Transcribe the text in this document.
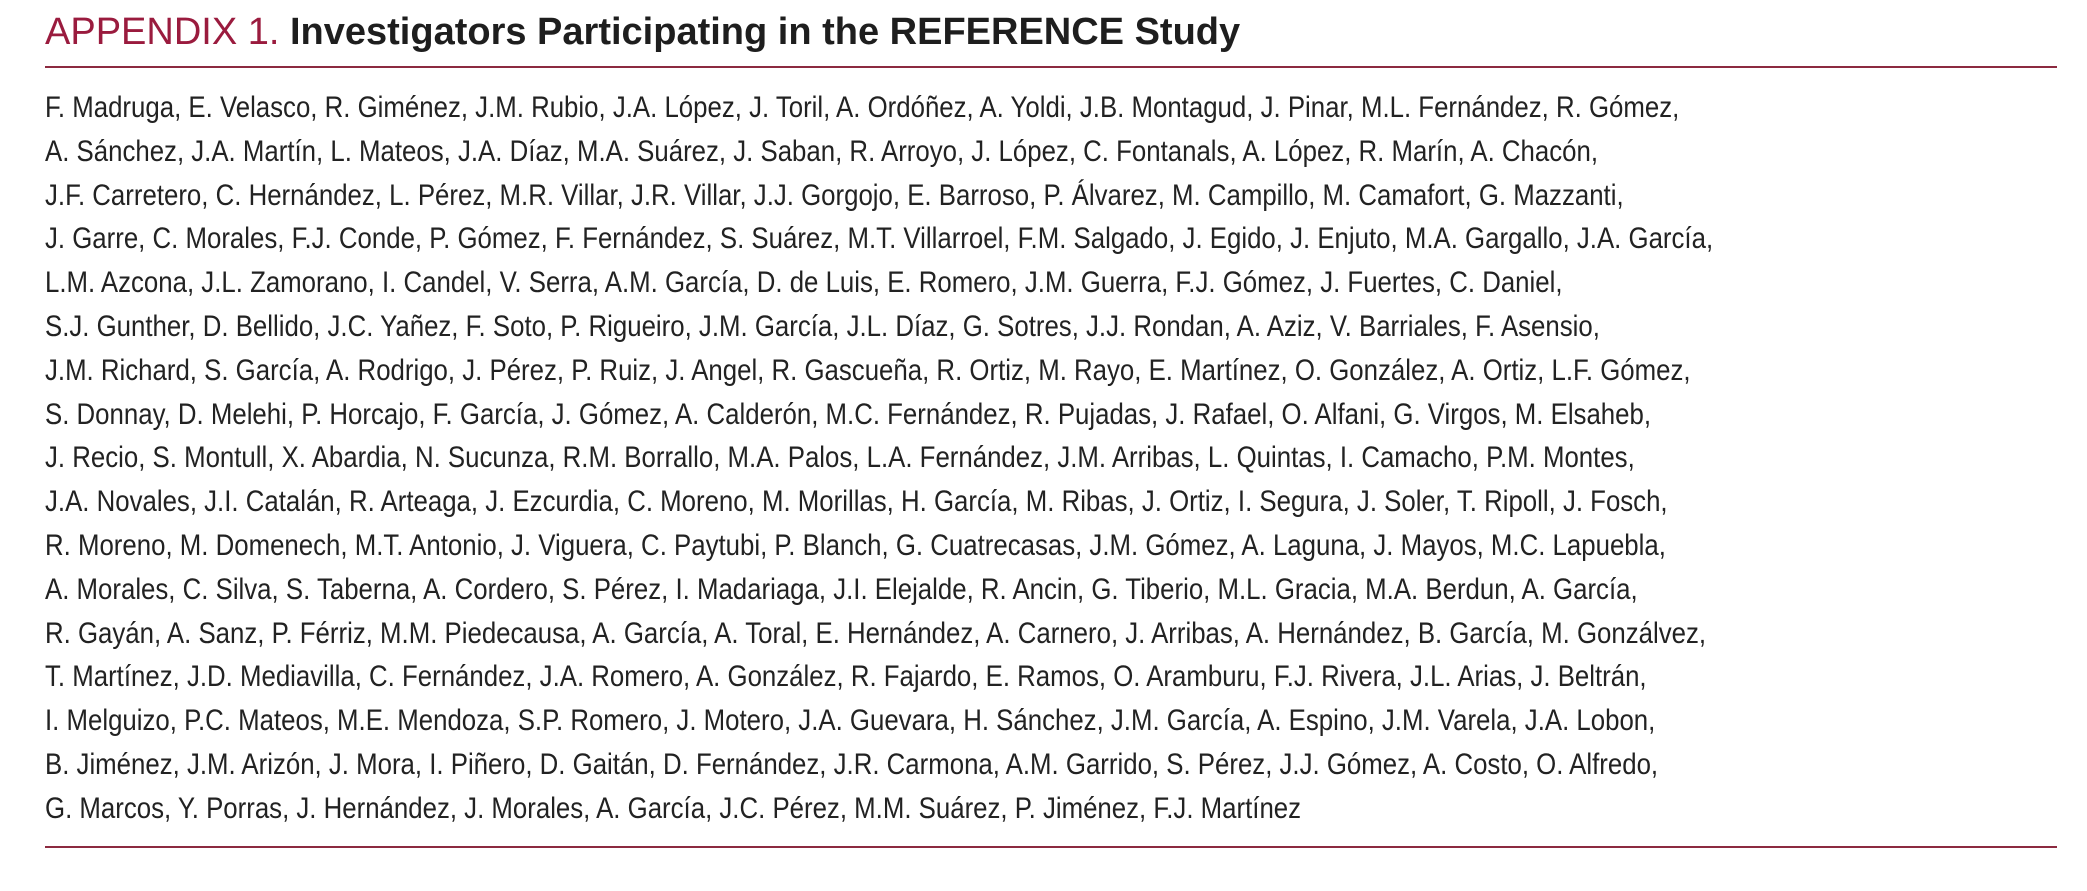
APPENDIX 1. Investigators Participating in the REFERENCE Study
F. Madruga, E. Velasco, R. Giménez, J.M. Rubio, J.A. López, J. Toril, A. Ordóñez, A. Yoldi, J.B. Montagud, J. Pinar, M.L. Fernández, R. Gómez,
A. Sánchez, J.A. Martín, L. Mateos, J.A. Díaz, M.A. Suárez, J. Saban, R. Arroyo, J. López, C. Fontanals, A. López, R. Marín, A. Chacón,
J.F. Carretero, C. Hernández, L. Pérez, M.R. Villar, J.R. Villar, J.J. Gorgojo, E. Barroso, P. Álvarez, M. Campillo, M. Camafort, G. Mazzanti,
J. Garre, C. Morales, F.J. Conde, P. Gómez, F. Fernández, S. Suárez, M.T. Villarroel, F.M. Salgado, J. Egido, J. Enjuto, M.A. Gargallo, J.A. García,
L.M. Azcona, J.L. Zamorano, I. Candel, V. Serra, A.M. García, D. de Luis, E. Romero, J.M. Guerra, F.J. Gómez, J. Fuertes, C. Daniel,
S.J. Gunther, D. Bellido, J.C. Yañez, F. Soto, P. Rigueiro, J.M. García, J.L. Díaz, G. Sotres, J.J. Rondan, A. Aziz, V. Barriales, F. Asensio,
J.M. Richard, S. García, A. Rodrigo, J. Pérez, P. Ruiz, J. Angel, R. Gascueña, R. Ortiz, M. Rayo, E. Martínez, O. González, A. Ortiz, L.F. Gómez,
S. Donnay, D. Melehi, P. Horcajo, F. García, J. Gómez, A. Calderón, M.C. Fernández, R. Pujadas, J. Rafael, O. Alfani, G. Virgos, M. Elsaheb,
J. Recio, S. Montull, X. Abardia, N. Sucunza, R.M. Borrallo, M.A. Palos, L.A. Fernández, J.M. Arribas, L. Quintas, I. Camacho, P.M. Montes,
J.A. Novales, J.I. Catalán, R. Arteaga, J. Ezcurdia, C. Moreno, M. Morillas, H. García, M. Ribas, J. Ortiz, I. Segura, J. Soler, T. Ripoll, J. Fosch,
R. Moreno, M. Domenech, M.T. Antonio, J. Viguera, C. Paytubi, P. Blanch, G. Cuatrecasas, J.M. Gómez, A. Laguna, J. Mayos, M.C. Lapuebla,
A. Morales, C. Silva, S. Taberna, A. Cordero, S. Pérez, I. Madariaga, J.I. Elejalde, R. Ancin, G. Tiberio, M.L. Gracia, M.A. Berdun, A. García,
R. Gayán, A. Sanz, P. Férriz, M.M. Piedecausa, A. García, A. Toral, E. Hernández, A. Carnero, J. Arribas, A. Hernández, B. García, M. Gonzálvez,
T. Martínez, J.D. Mediavilla, C. Fernández, J.A. Romero, A. González, R. Fajardo, E. Ramos, O. Aramburu, F.J. Rivera, J.L. Arias, J. Beltrán,
I. Melguizo, P.C. Mateos, M.E. Mendoza, S.P. Romero, J. Motero, J.A. Guevara, H. Sánchez, J.M. García, A. Espino, J.M. Varela, J.A. Lobon,
B. Jiménez, J.M. Arizón, J. Mora, I. Piñero, D. Gaitán, D. Fernández, J.R. Carmona, A.M. Garrido, S. Pérez, J.J. Gómez, A. Costo, O. Alfredo,
G. Marcos, Y. Porras, J. Hernández, J. Morales, A. García, J.C. Pérez, M.M. Suárez, P. Jiménez, F.J. Martínez
